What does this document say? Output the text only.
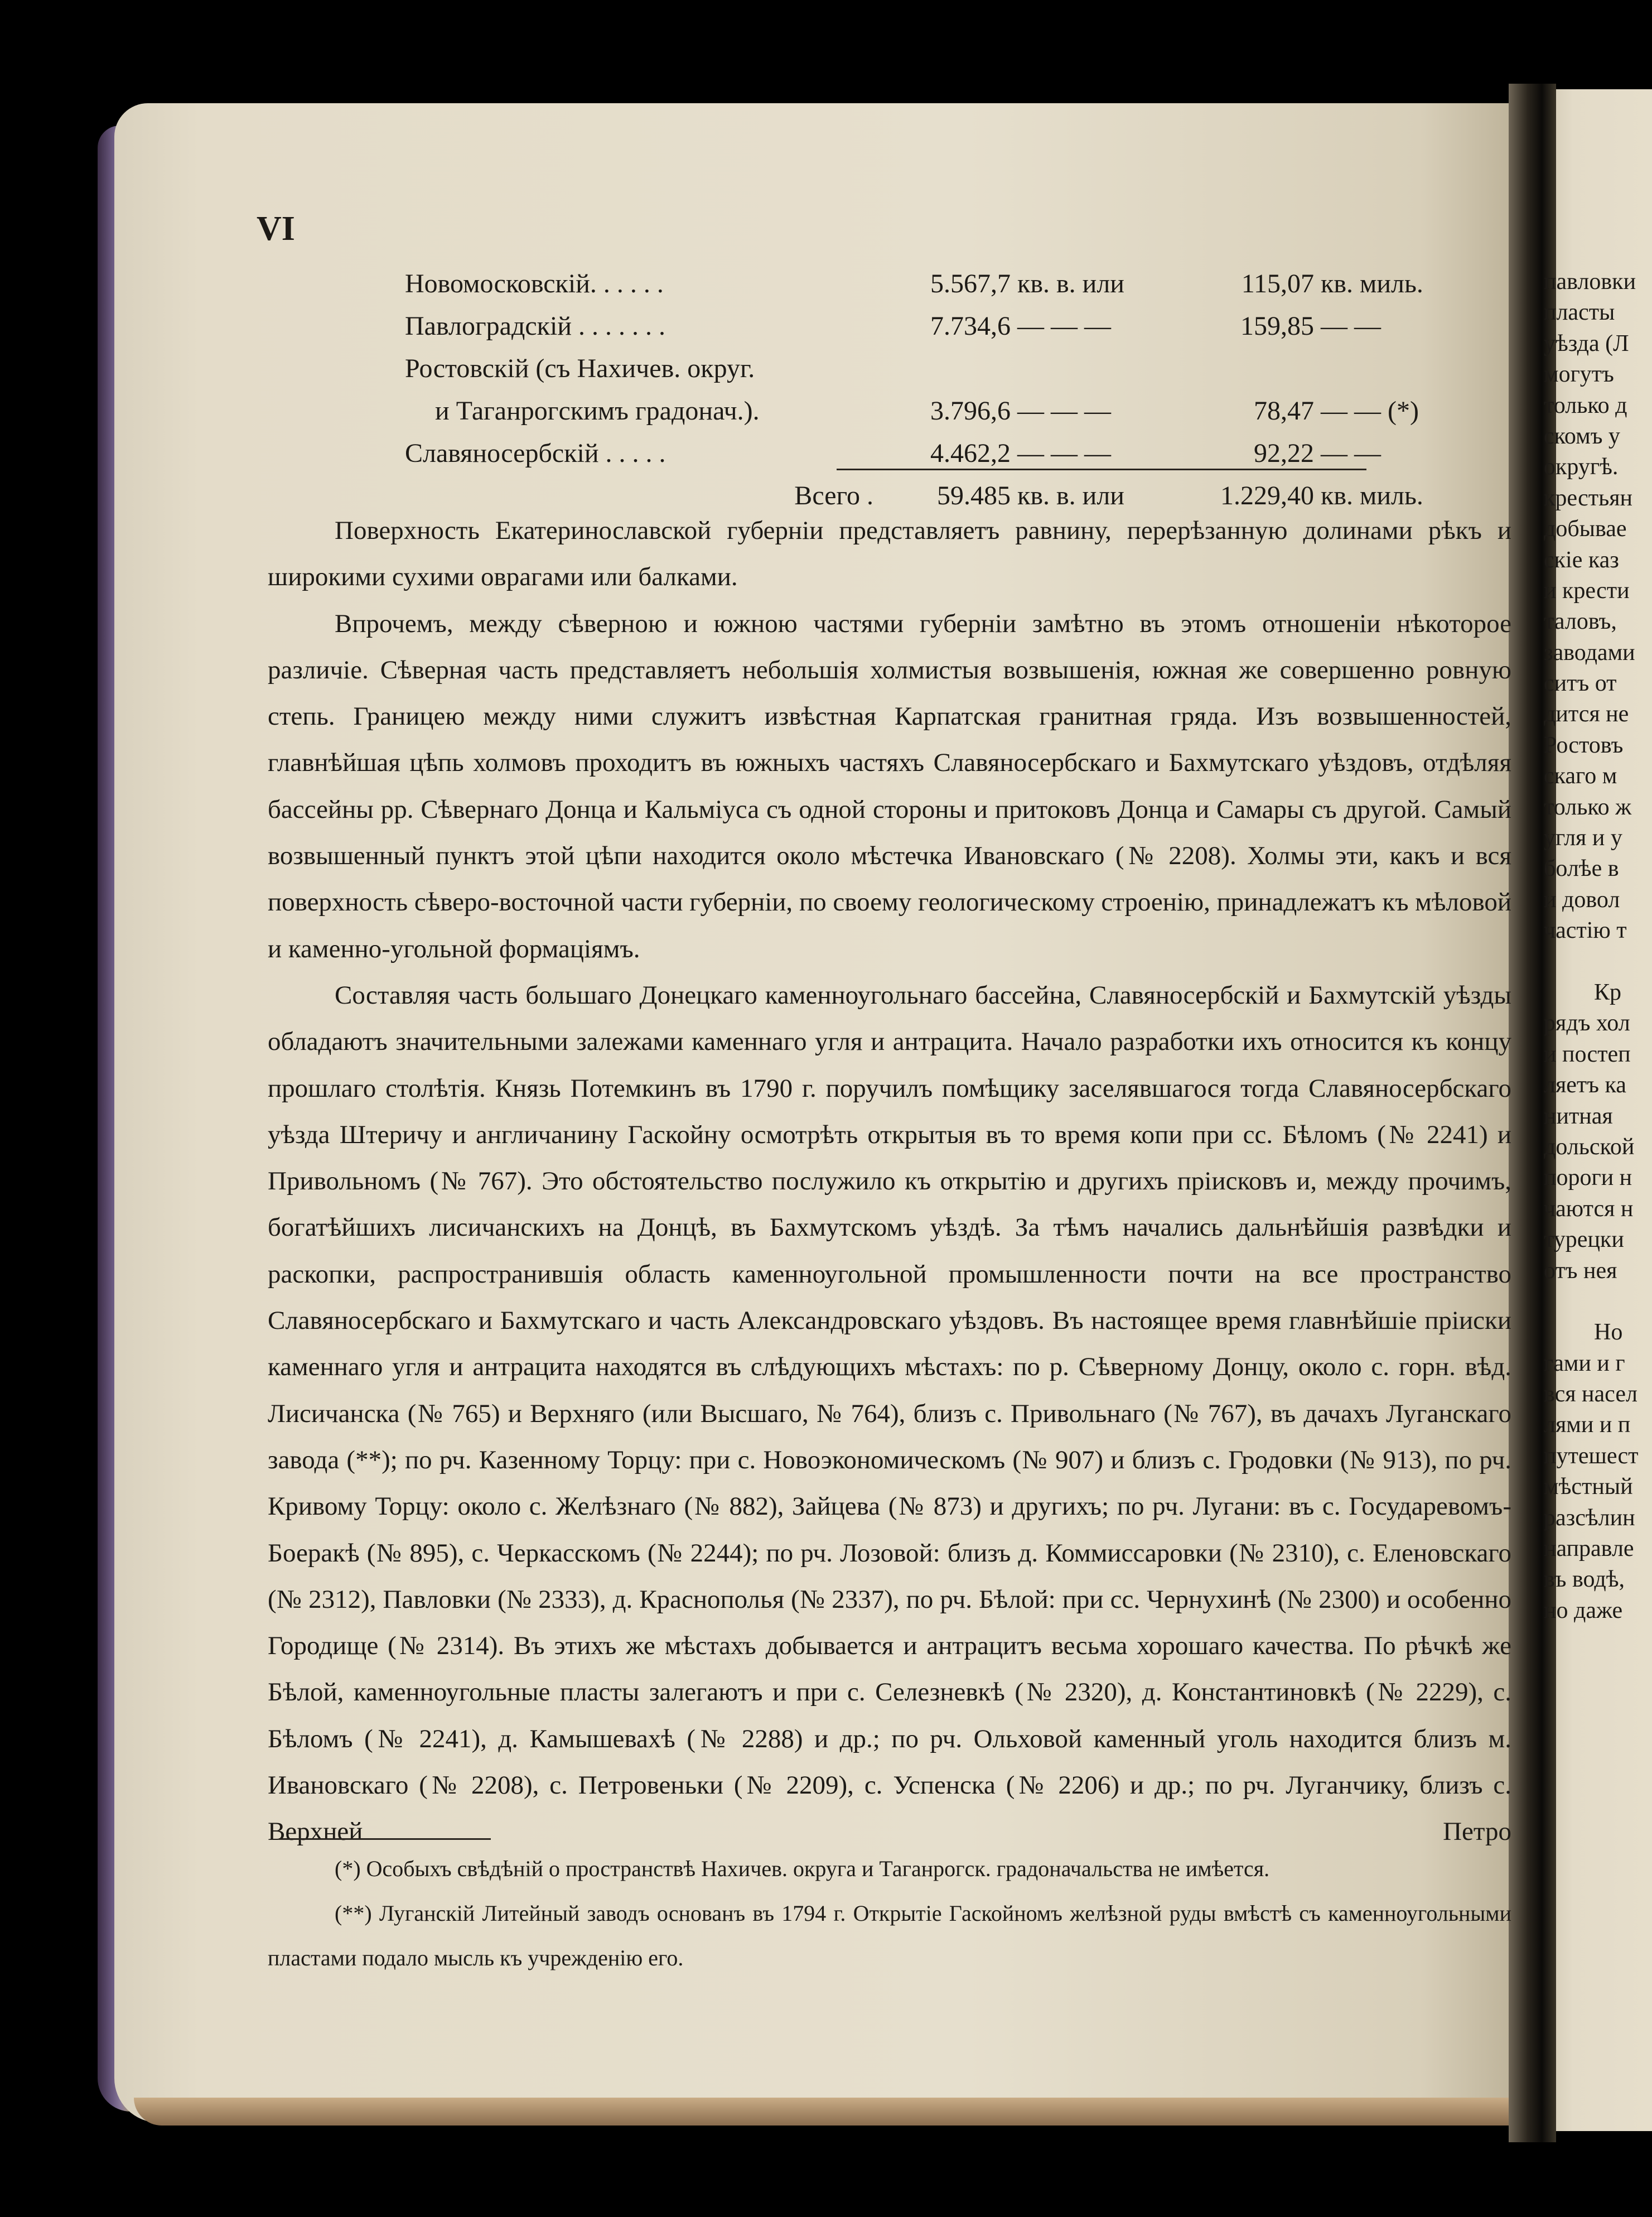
VI
Новомосковскій. . . . . .	5.567,7	кв. в. или	115,07	кв. миль.
Павлоградскій . . . . . . .	7.734,6	— — —	159,85	— —
Ростовскій (съ Нахичев. округ.				
и Таганрогскимъ градонач.).	3.796,6	— — —	78,47	— — (*)
Славяносербскій . . . . .	4.462,2	— — —	92,22	— —
Всего .	59.485	кв. в. или	1.229,40	кв. миль.

Поверхность Екатеринославской губерніи представляетъ равнину, перерѣзанную долинами рѣкъ и широкими сухими оврагами или балками.

Впрочемъ, между сѣверною и южною частями губерніи замѣтно въ этомъ отношеніи нѣкоторое различіе. Сѣверная часть представляетъ небольшія холмистыя возвышенія, южная же совершенно ровную степь. Границею между ними служитъ извѣстная Карпатская гранитная гряда. Изъ возвышенностей, главнѣйшая цѣпь холмовъ проходитъ въ южныхъ частяхъ Славяносербскаго и Бахмутскаго уѣздовъ, отдѣляя бассейны рр. Сѣвернаго Донца и Кальміуса съ одной стороны и притоковъ Донца и Самары съ другой. Самый возвышенный пунктъ этой цѣпи находится около мѣстечка Ивановскаго (№ 2208). Холмы эти, какъ и вся поверхность сѣверо-восточной части губерніи, по своему геологическому строенію, принадлежатъ къ мѣловой и каменно-угольной формаціямъ.

Составляя часть большаго Донецкаго каменноугольнаго бассейна, Славяносербскій и Бахмутскій уѣзды обладаютъ значительными залежами каменнаго угля и антрацита. Начало разработки ихъ относится къ концу прошлаго столѣтія. Князь Потемкинъ въ 1790 г. поручилъ помѣщику заселявшагося тогда Славяносербскаго уѣзда Штеричу и англичанину Гаскойну осмотрѣть открытыя въ то время копи при сс. Бѣломъ (№ 2241) и Привольномъ (№ 767). Это обстоятельство послужило къ открытію и другихъ пріисковъ и, между прочимъ, богатѣйшихъ лисичанскихъ на Донцѣ, въ Бахмутскомъ уѣздѣ. За тѣмъ начались дальнѣйшія развѣдки и раскопки, распространившія область каменноугольной промышленности почти на все пространство Славяносербскаго и Бахмутскаго и часть Александровскаго уѣздовъ. Въ настоящее время главнѣйшіе пріиски каменнаго угля и антрацита находятся въ слѣдующихъ мѣстахъ: по р. Сѣверному Донцу, около с. горн. вѣд. Лисичанска (№ 765) и Верхняго (или Высшаго, № 764), близъ с. Привольнаго (№ 767), въ дачахъ Луганскаго завода (**); по рч. Казенному Торцу: при с. Новоэкономическомъ (№ 907) и близъ с. Гродовки (№ 913), по рч. Кривому Торцу: около с. Желѣзнаго (№ 882), Зайцева (№ 873) и другихъ; по рч. Лугани: въ с. Государевомъ-Боеракѣ (№ 895), с. Черкасскомъ (№ 2244); по рч. Лозовой: близъ д. Коммиссаровки (№ 2310), с. Еленовскаго (№ 2312), Павловки (№ 2333), д. Краснополья (№ 2337), по рч. Бѣлой: при сс. Чернухинѣ (№ 2300) и особенно Городище (№ 2314). Въ этихъ же мѣстахъ добывается и антрацитъ весьма хорошаго качества. По рѣчкѣ же Бѣлой, каменноугольные пласты залегаютъ и при с. Селезневкѣ (№ 2320), д. Константиновкѣ (№ 2229), с. Бѣломъ (№ 2241), д. Камышевахѣ (№ 2288) и др.; по рч. Ольховой каменный уголь находится близъ м. Ивановскаго (№ 2208), с. Петровеньки (№ 2209), с. Успенска (№ 2206) и др.; по рч. Луганчику, близъ с. Верхней Петро

(*) Особыхъ свѣдѣній о пространствѣ Нахичев. округа и Таганрогск. градоначальства не имѣется.

(**) Луганскій Литейный заводъ основанъ въ 1794 г. Открытіе Гаскойномъ желѣзной руды вмѣстѣ съ каменноугольными пластами подало мысль къ учрежденію его.

павловки
пласты
уѣзда (Л
могутъ
только д
скомъ у
округѣ.
крестьян
добывае
скіе каз
и крести
таловъ,
заводами
ситъ от
дится не
Ростовъ
скаго м
только ж
угля и у
болѣе в
и довол
частію т
Кр
рядъ хол
и постеп
ляетъ ка
нитная
дольской
пороги н
чаются н
турецки
отъ нея
Но
гами и г
вся насел
лями и п
путешест
мѣстный
разсѣлин
направле
въ водѣ,
но даже
